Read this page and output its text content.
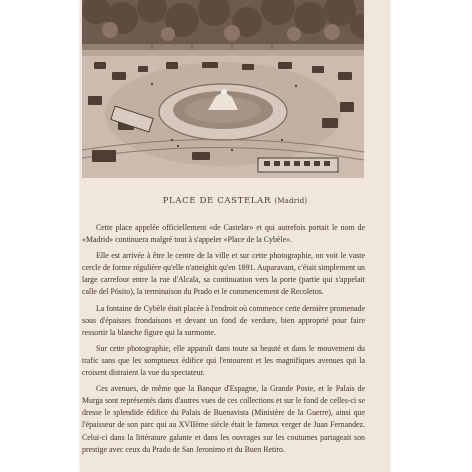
PLACE DE CASTELAR (Madrid)

Cette place appelée officiellement «de Castelar» et qui autrefois portait le nom de «Madrid» continuera malgré tout à s'appeler «Place de la Cybèle».

Elle est arrivée à être le centre de la ville et sur cette photographie, on voit le vaste cercle de forme régulière qu'elle n'atteighit qu'en 1891. Auparavant, c'était simplement un large carrefour entre la rue d'Alcala, sa continuation vers la porte (partie qui s'appelait calle del Pósito), la terminaison du Prado et le commencement de Recoletos.

La fontaine de Cybèle était placée à l'endroit où commence cette dernière promenade sous d'épaisses frondaisons et devant un fond de verdure, bien approprié pour faire ressortir la blanche figure qui la surmonte.

Sur cette photographie, elle apparaît dans toute sa beauté et dans le mouvement du trafic sans que les somptueux édifice qui l'entourent et les magnifiques avenues qui la croisent distraient la vue du spectateur.

Ces avenues, de même que la Banque d'Espagne, la Grande Poste, et le Palais de Murga sont représentés dans d'autres vues de ces collections et sur le fond de celles-ci se dresse le splendide édifice du Palais de Buenavista (Ministère de la Guerre), ainsi que l'épaisseur de son parc qui au XVIIème siècle était le fameux verger de Juan Fernandez. Celui-ci dans la littérature galante et dans les ouvrages sur les coutumes partageait son prestige avec ceux du Prado de San Jeronimo et du Buen Retiro.
